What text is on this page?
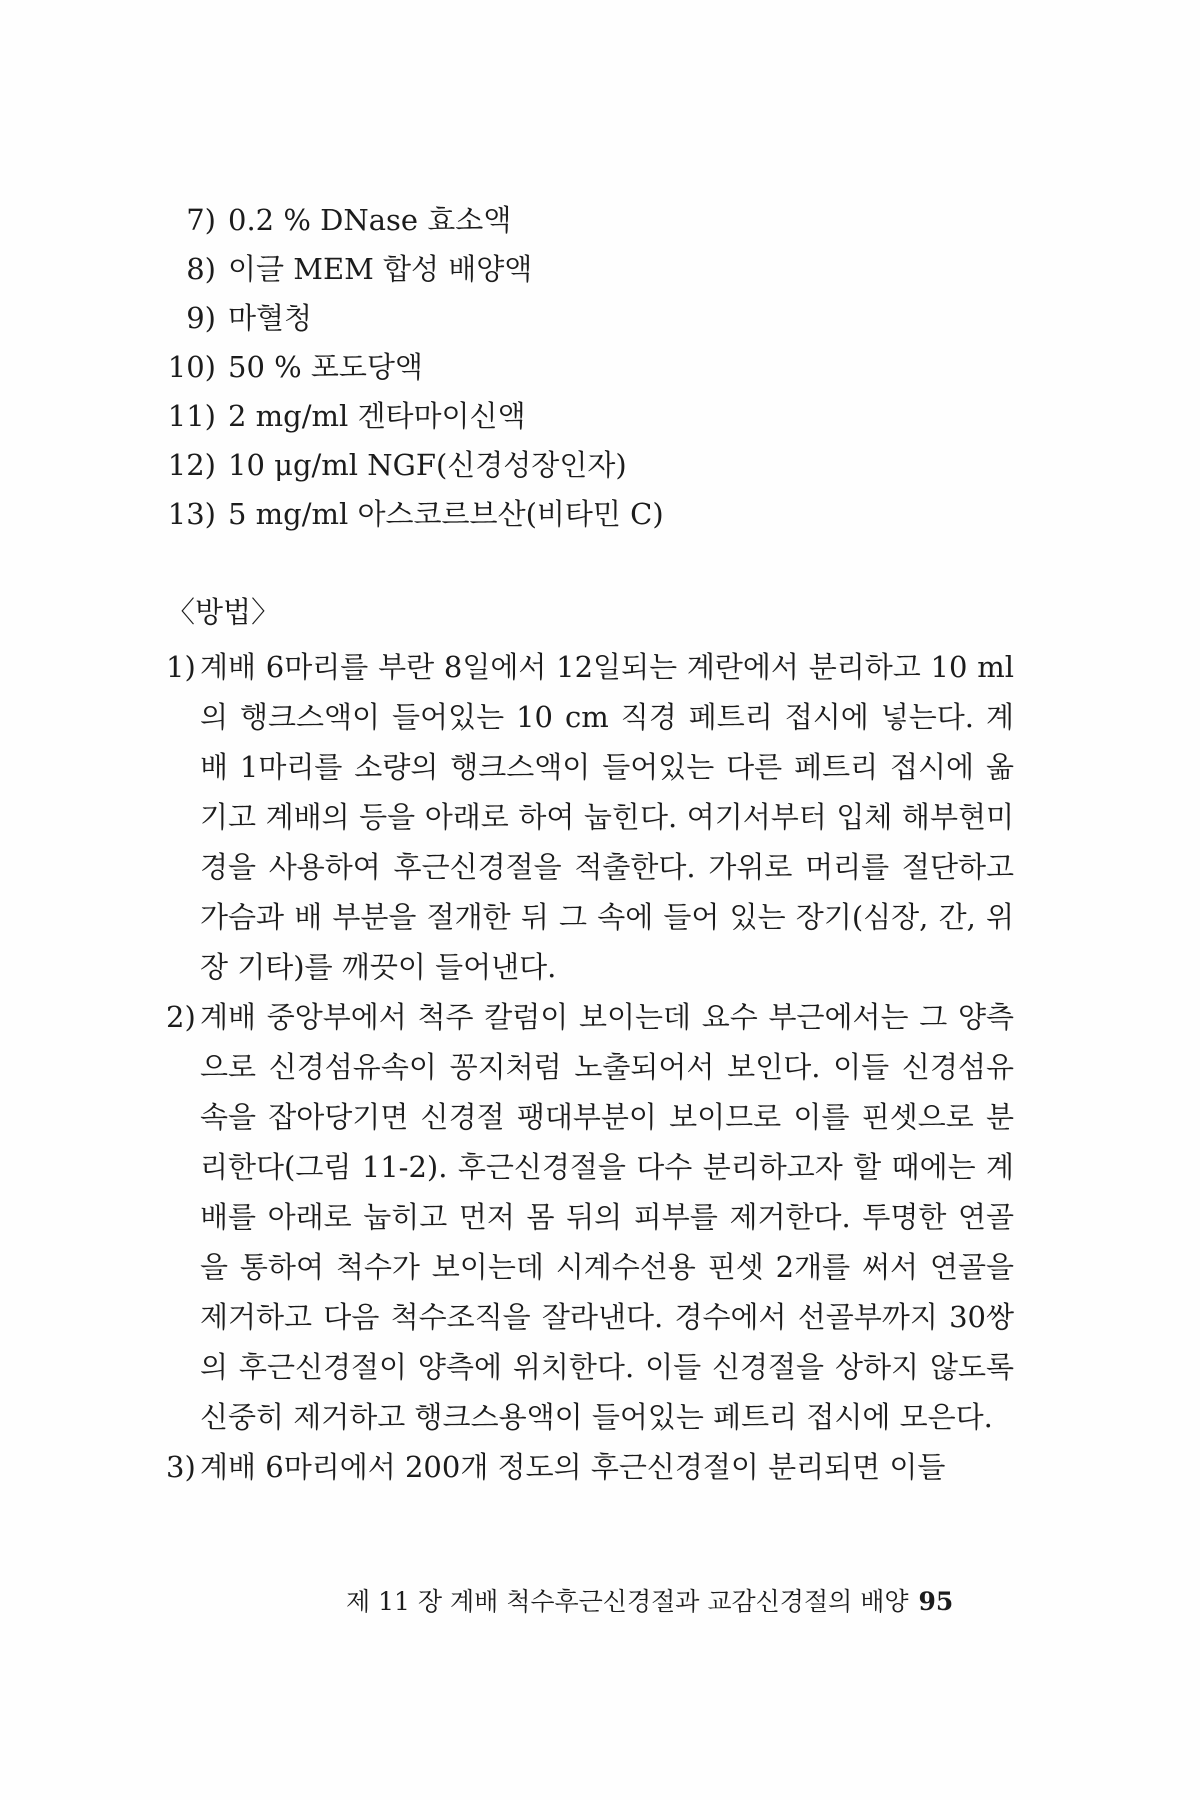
7) 0.2 % DNase 효소액
8) 이글 MEM 합성 배양액
9) 마혈청
10) 50 % 포도당액
11) 2 mg/ml 겐타마이신액
12) 10 μg/ml NGF(신경성장인자)
13) 5 mg/ml 아스코르브산(비타민 C)
〈방법〉
1) 계배 6마리를 부란 8일에서 12일되는 계란에서 분리하고 10 ml의 행크스액이 들어있는 10 cm 직경 페트리 접시에 넣는다. 계배 1마리를 소량의 행크스액이 들어있는 다른 페트리 접시에 옮기고 계배의 등을 아래로 하여 눕힌다. 여기서부터 입체 해부현미경을 사용하여 후근신경절을 적출한다. 가위로 머리를 절단하고 가슴과 배 부분을 절개한 뒤 그 속에 들어 있는 장기(심장, 간, 위장 기타)를 깨끗이 들어낸다.
2) 계배 중앙부에서 척주 칼럼이 보이는데 요수 부근에서는 그 양측으로 신경섬유속이 꽁지처럼 노출되어서 보인다. 이들 신경섬유속을 잡아당기면 신경절 팽대부분이 보이므로 이를 핀셋으로 분리한다(그림 11-2). 후근신경절을 다수 분리하고자 할 때에는 계배를 아래로 눕히고 먼저 몸 뒤의 피부를 제거한다. 투명한 연골을 통하여 척수가 보이는데 시계수선용 핀셋 2개를 써서 연골을 제거하고 다음 척수조직을 잘라낸다. 경수에서 선골부까지 30쌍의 후근신경절이 양측에 위치한다. 이들 신경절을 상하지 않도록 신중히 제거하고 행크스용액이 들어있는 페트리 접시에 모은다.
3) 계배 6마리에서 200개 정도의 후근신경절이 분리되면 이들
제 11 장 계배 척수후근신경절과 교감신경절의 배양 95
